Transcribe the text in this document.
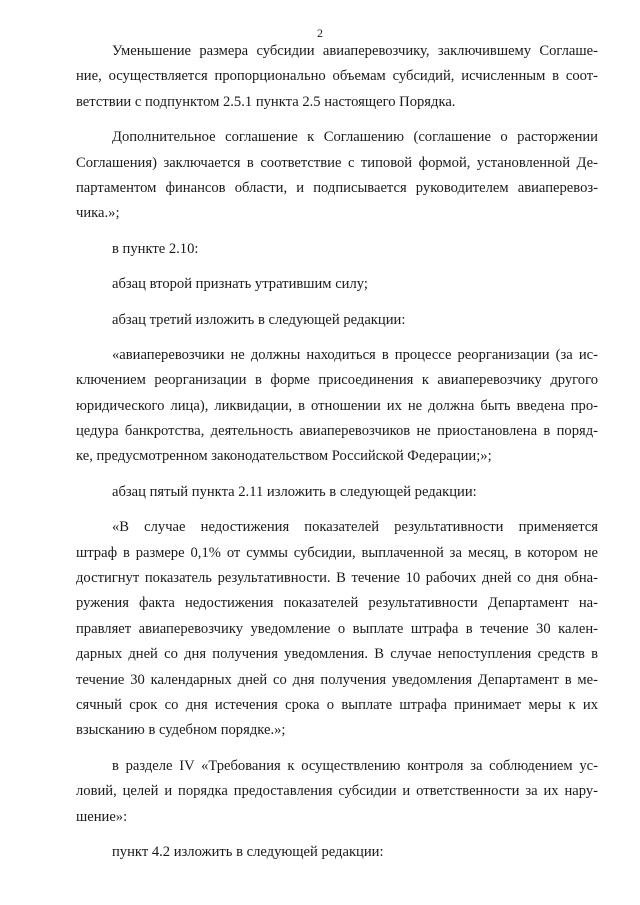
2
Уменьшение размера субсидии авиаперевозчику, заключившему Соглаше-
ние, осуществляется пропорционально объемам субсидий, исчисленным в соот-
ветствии с подпунктом 2.5.1 пункта 2.5 настоящего Порядка.
Дополнительное соглашение к Соглашению (соглашение о расторжении
Соглашения) заключается в соответствие с типовой формой, установленной Де-
партаментом финансов области, и подписывается руководителем авиаперевоз-
чика.»;
в пункте 2.10:
абзац второй признать утратившим силу;
абзац третий изложить в следующей редакции:
«авиаперевозчики не должны находиться в процессе реорганизации (за ис-
ключением реорганизации в форме присоединения к авиаперевозчику другого
юридического лица), ликвидации, в отношении их не должна быть введена про-
цедура банкротства, деятельность авиаперевозчиков не приостановлена в поряд-
ке, предусмотренном законодательством Российской Федерации;»;
абзац пятый пункта 2.11 изложить в следующей редакции:
«В случае недостижения показателей результативности применяется
штраф в размере 0,1% от суммы субсидии, выплаченной за месяц, в котором не
достигнут показатель результативности. В течение 10 рабочих дней со дня обна-
ружения факта недостижения показателей результативности Департамент на-
правляет авиаперевозчику уведомление о выплате штрафа в течение 30 кален-
дарных дней со дня получения уведомления. В случае непоступления средств в
течение 30 календарных дней со дня получения уведомления Департамент в ме-
сячный срок со дня истечения срока о выплате штрафа принимает меры к их
взысканию в судебном порядке.»;
в разделе IV «Требования к осуществлению контроля за соблюдением ус-
ловий, целей и порядка предоставления субсидии и ответственности за их нару-
шение»:
пункт 4.2 изложить в следующей редакции:
